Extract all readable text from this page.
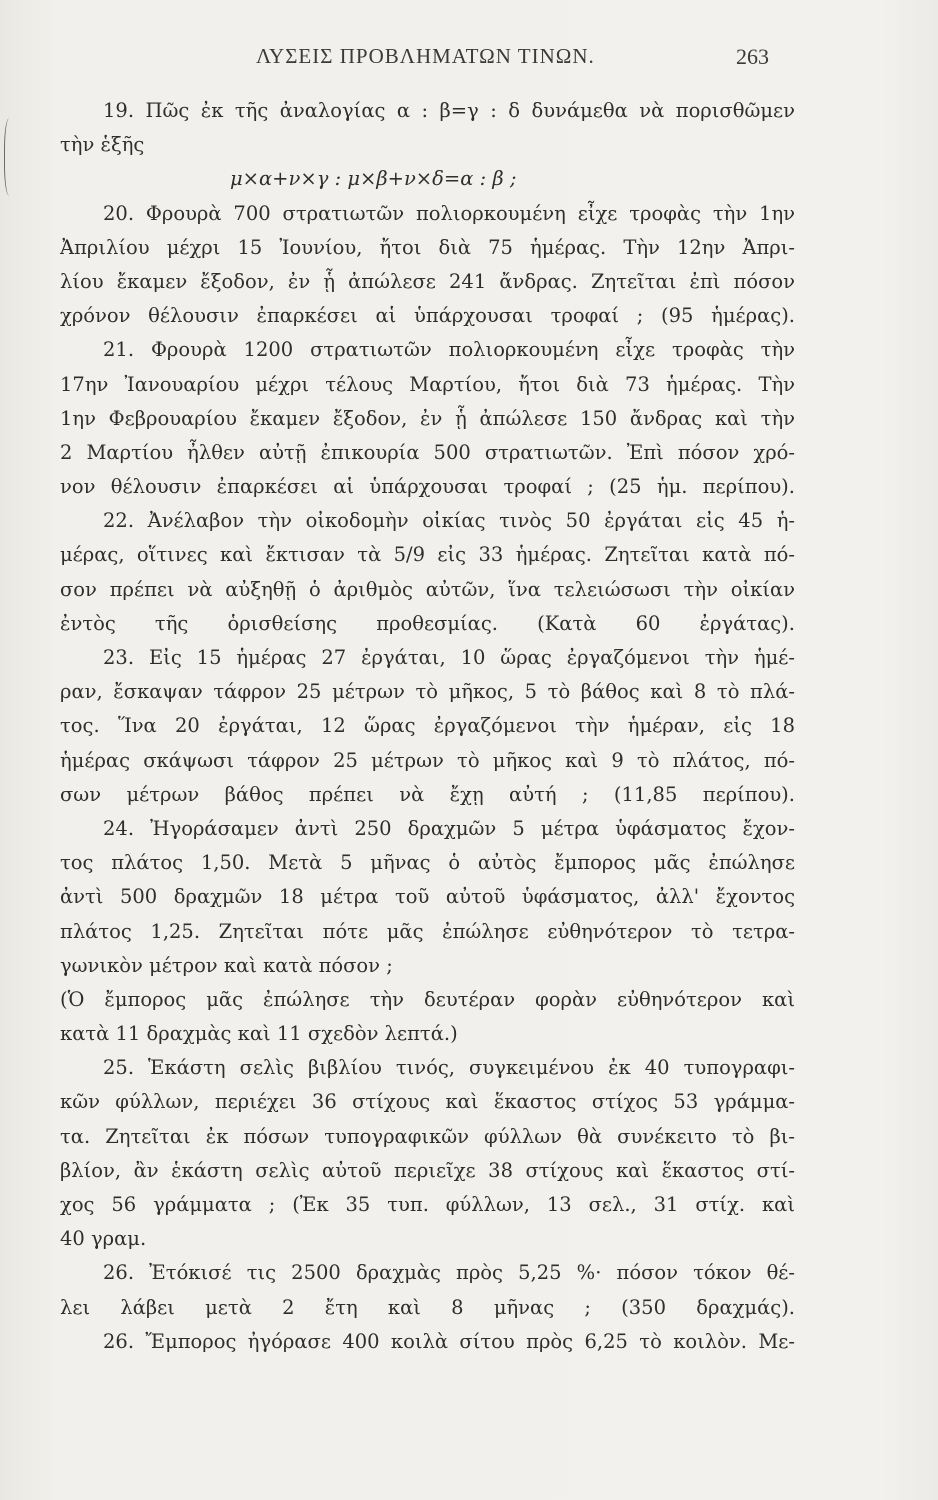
ΛΥΣΕΙΣ ΠΡΟΒΛΗΜΑΤΩΝ ΤΙΝΩΝ.	263
19. Πῶς ἐκ τῆς ἀναλογίας α : β=γ : δ δυνάμεθα νὰ πορισθῶμεν
τὴν ἑξῆς
μ×α+ν×γ : μ×β+ν×δ=α : β ;
20. Φρουρὰ 700 στρατιωτῶν πολιορκουμένη εἶχε τροφὰς τὴν 1ην
Ἀπριλίου μέχρι 15 Ἰουνίου, ἤτοι διὰ 75 ἡμέρας. Τὴν 12ην Ἀπρι-
λίου ἔκαμεν ἔξοδον, ἐν ᾗ ἀπώλεσε 241 ἄνδρας. Ζητεῖται ἐπὶ πόσον
χρόνον θέλουσιν ἐπαρκέσει αἱ ὑπάρχουσαι τροφαί ; (95 ἡμέρας).
21. Φρουρὰ 1200 στρατιωτῶν πολιορκουμένη εἶχε τροφὰς τὴν
17ην Ἰανουαρίου μέχρι τέλους Μαρτίου, ἤτοι διὰ 73 ἡμέρας. Τὴν
1ην Φεβρουαρίου ἔκαμεν ἔξοδον, ἐν ᾗ ἀπώλεσε 150 ἄνδρας καὶ τὴν
2 Μαρτίου ἦλθεν αὐτῇ ἐπικουρία 500 στρατιωτῶν. Ἐπὶ πόσον χρό-
νον θέλουσιν ἐπαρκέσει αἱ ὑπάρχουσαι τροφαί ; (25 ἡμ. περίπου).
22. Ἀνέλαβον τὴν οἰκοδομὴν οἰκίας τινὸς 50 ἐργάται εἰς 45 ἡ-
μέρας, οἵτινες καὶ ἔκτισαν τὰ 5/9 εἰς 33 ἡμέρας. Ζητεῖται κατὰ πό-
σον πρέπει νὰ αὐξηθῇ ὁ ἀριθμὸς αὐτῶν, ἵνα τελειώσωσι τὴν οἰκίαν
ἐντὸς τῆς ὁρισθείσης προθεσμίας. (Κατὰ 60 ἐργάτας).
23. Εἰς 15 ἡμέρας 27 ἐργάται, 10 ὥρας ἐργαζόμενοι τὴν ἡμέ-
ραν, ἔσκαψαν τάφρον 25 μέτρων τὸ μῆκος, 5 τὸ βάθος καὶ 8 τὸ πλά-
τος. Ἵνα 20 ἐργάται, 12 ὥρας ἐργαζόμενοι τὴν ἡμέραν, εἰς 18
ἡμέρας σκάψωσι τάφρον 25 μέτρων τὸ μῆκος καὶ 9 τὸ πλάτος, πό-
σων μέτρων βάθος πρέπει νὰ ἔχῃ αὐτή ; (11,85 περίπου).
24. Ἠγοράσαμεν ἀντὶ 250 δραχμῶν 5 μέτρα ὑφάσματος ἔχον-
τος πλάτος 1,50. Μετὰ 5 μῆνας ὁ αὐτὸς ἔμπορος μᾶς ἐπώλησε
ἀντὶ 500 δραχμῶν 18 μέτρα τοῦ αὐτοῦ ὑφάσματος, ἀλλ' ἔχοντος
πλάτος 1,25. Ζητεῖται πότε μᾶς ἐπώλησε εὐθηνότερον τὸ τετρα-
γωνικὸν μέτρον καὶ κατὰ πόσον ;
(Ὁ ἔμπορος μᾶς ἐπώλησε τὴν δευτέραν φορὰν εὐθηνότερον καὶ
κατὰ 11 δραχμὰς καὶ 11 σχεδὸν λεπτά.)
25. Ἑκάστη σελὶς βιβλίου τινός, συγκειμένου ἐκ 40 τυπογραφι-
κῶν φύλλων, περιέχει 36 στίχους καὶ ἕκαστος στίχος 53 γράμμα-
τα. Ζητεῖται ἐκ πόσων τυπογραφικῶν φύλλων θὰ συνέκειτο τὸ βι-
βλίον, ἂν ἑκάστη σελὶς αὐτοῦ περιεῖχε 38 στίχους καὶ ἕκαστος στί-
χος 56 γράμματα ; (Ἐκ 35 τυπ. φύλλων, 13 σελ., 31 στίχ. καὶ
40 γραμ.
26. Ἐτόκισέ τις 2500 δραχμὰς πρὸς 5,25 %· πόσον τόκον θέ-
λει λάβει μετὰ 2 ἔτη καὶ 8 μῆνας ; (350 δραχμάς).
26. Ἔμπορος ἠγόρασε 400 κοιλὰ σίτου πρὸς 6,25 τὸ κοιλὸν. Με-
